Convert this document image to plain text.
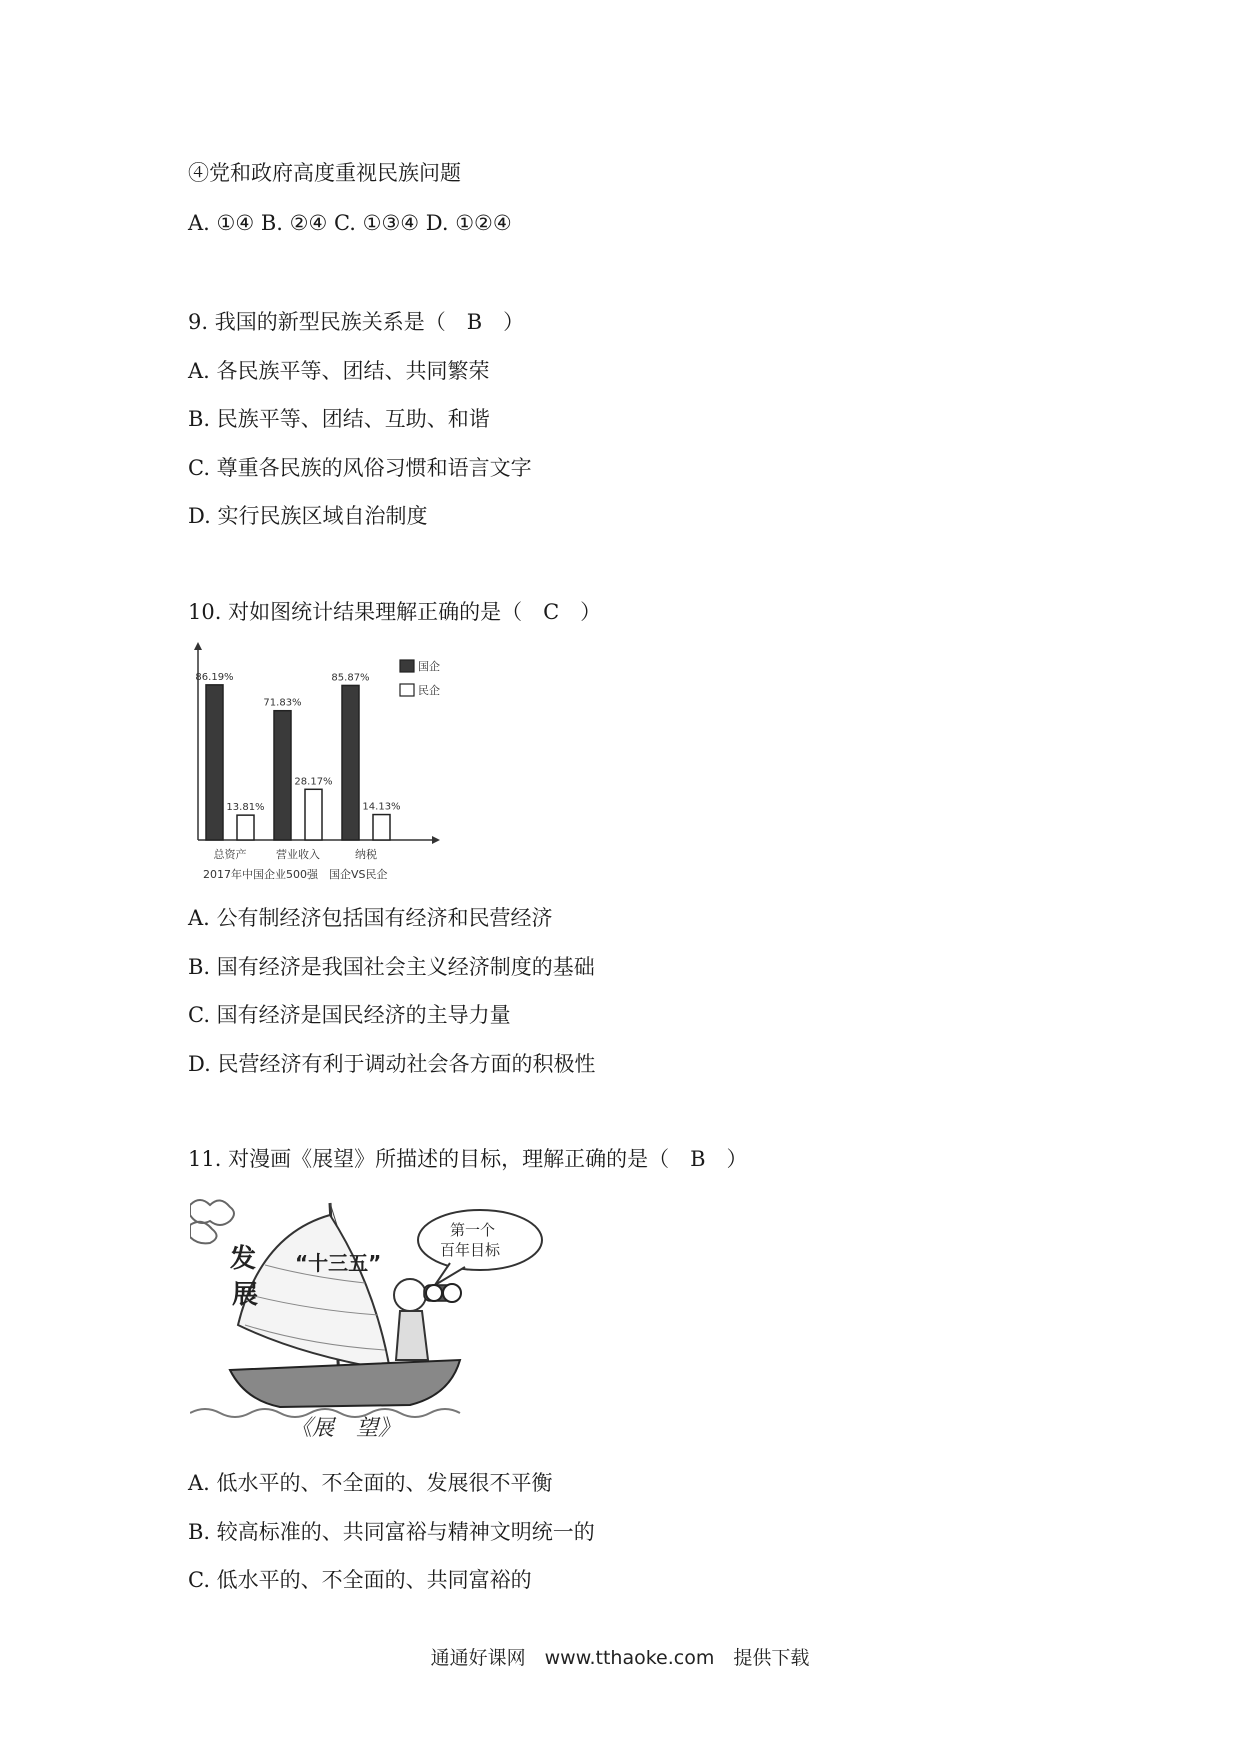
④党和政府高度重视民族问题
A. ①④ B. ②④ C. ①③④ D. ①②④
9. 我国的新型民族关系是（　B　）
A. 各民族平等、团结、共同繁荣
B. 民族平等、团结、互助、和谐
C. 尊重各民族的风俗习惯和语言文字
D. 实行民族区域自治制度
10. 对如图统计结果理解正确的是（　C　）
86.19%
13.81%
总资产
71.83%
28.17%
营业收入
85.87%
14.13%
纳税
国企
民企
2017年中国企业500强　国企VS民企
A. 公有制经济包括国有经济和民营经济
B. 国有经济是我国社会主义经济制度的基础
C. 国有经济是国民经济的主导力量
D. 民营经济有利于调动社会各方面的积极性
11. 对漫画《展望》所描述的目标，理解正确的是（　B　）
发
展
“十三五”
第一个
百年目标
《展　望》
A. 低水平的、不全面的、发展很不平衡
B. 较高标准的、共同富裕与精神文明统一的
C. 低水平的、不全面的、共同富裕的
通通好课网　www.tthaoke.com　提供下载
